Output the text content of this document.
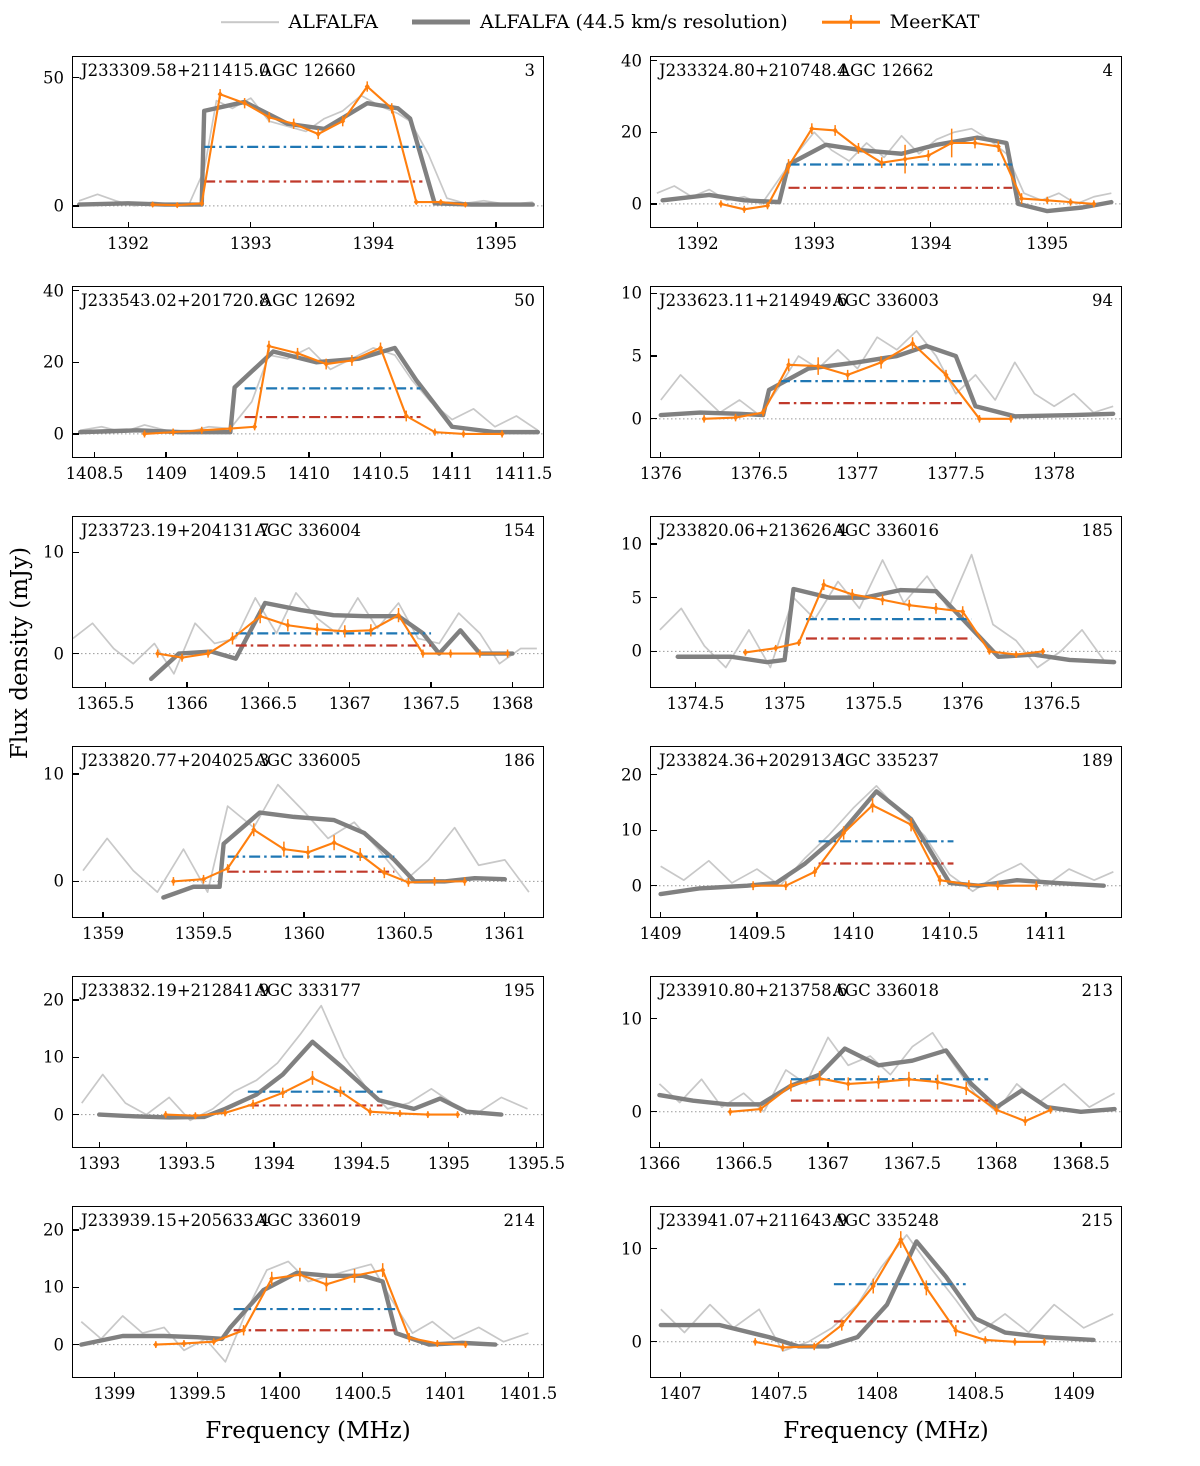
ALFALFA	ALFALFA (44.5 km/s resolution)	MeerKAT
Flux density (mJy)
Frequency (MHz)	Frequency (MHz)
J233309.58+211415.0
AGC 12660	3
1392	1393	1394	1395
0
50	J233324.80+210748.4
AGC 12662	4
1392	1393	1394	1395
0
20
40
J233543.02+201720.8
AGC 12692	50
1408.5 1409 1409.5 1410 1410.5 1411 1411.5
0
20
40
J233623.11+214949.6
AGC 336003	94
1376	1376.5	1377	1377.5	1378
0
5
10
J233723.19+204131.7
AGC 336004	154
1365.5 1366 1366.5 1367 1367.5 1368
0
10
J233820.06+213626.4
AGC 336016	185
1374.5 1375 1375.5 1376 1376.5
0
5
10
J233820.77+204025.3
AGC 336005	186
1359	1359.5	1360	1360.5	1361
0
10
J233824.36+202913.1
AGC 335237	189
1409	1409.5	1410	1410.5	1411
0
10
20
J233832.19+212841.9
AGC 333177	195
1393 1393.5 1394 1394.5 1395 1395.5
0
10
20	J233910.80+213758.6
AGC 336018	213
1366 1366.5 1367 1367.5 1368 1368.5
0
10
J233939.15+205633.4
AGC 336019	214
1399 1399.5 1400 1400.5 1401 1401.5
0
10
20	J233941.07+211643.9
AGC 335248	215
1407	1407.5	1408	1408.5	1409
0
10
